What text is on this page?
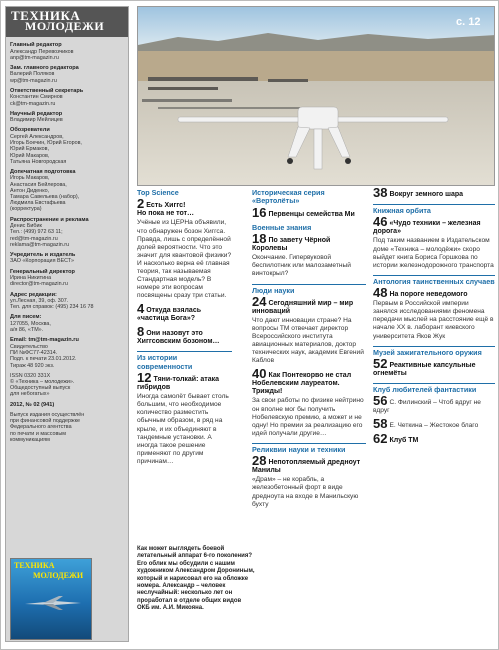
ТЕХНИКА
МОЛОДЕЖИ
Главный редактор
Александр Перевозчиков
anp@tm-magazin.ru
Зам. главного редактора
Валерий Поляков
wp@tm-magazin.ru
Ответственный секретарь
Константин Смирнов
ck@tm-magazin.ru
Научный редактор
Владимир Мейлицев
Обозреватели
Сергей Александров,
Игорь Боечин, Юрий Егоров,
Юрий Ермаков,
Юрий Макаров,
Татьяна Новгородская
Допечатная подготовка
Игорь Макаров,
Анастасия Бейлерова,
Антон Диденко,
Тамара Савельева (набор),
Людмила Евстафьева
(корректура)
Распространение и реклама
Денис Бибик
Тел.: (499) 972 63 11;
red@tm-magazin.ru
reklama@tm-magazin.ru
Учредитель и издатель
ЗАО «Корпорация ВЕСТ»
Генеральный директор
Ирина Никитина
director@tm-magazin.ru
Адрес редакции:
ул.Лесная, 39, оф. 307.
Тел. для справок: (495) 234 16 78
Для писем:
127055, Москва,
а/я 86, «ТМ».
Email: tm@tm-magazin.ru
Свидетельство
ПИ №ФС77-42314.
Подп. к печати 23.01.2012.
Тираж 48 920 экз.
ISSN 0320 331X
© «Техника – молодежи».
Общедоступный выпуск
для небогатых»
2012, № 02 (941)
Выпуск издания осуществлён
при финансовой поддержке
Федерального агентства
по печати и массовым
коммуникациям
ТЕХНИКА
МОЛОДЕЖИ
с. 12
Top Science
2 Есть Хиггс!
Но пока не тот…
Учёные из ЦЕРНа объявили, что обнаружен бозон Хиггса. Правда, лишь с определённой долей вероятности. Что это значит для квантовой физики? И насколько верна её главная теория, так называемая Стандартная модель? В номере эти вопросам посвящены сразу три статьи.
4 Откуда взялась «частица Бога»?
8 Они назовут это Хиггсовским бозоном…
Из истории современности
12 Тяни-толкай: атака гибридов
Иногда самолёт бывает столь большим, что необходимое количество разместить обычным образом, в ряд на крыле, и их объединяют в тандемные установки. А иногда такое решение применяют по другим причинам…
Как может выглядеть боевой летательный аппарат 6-го поколения? Его облик мы обсудили с нашим художником Александром Дорониным, который и нарисовал его на обложке номера. Александр – человек неслучайный: несколько лет он проработал в отделе общих видов ОКБ им. А.И. Микояна.
Историческая серия «Вертолёты»
16 Первенцы семейства Ми
Военные знания
18 По завету Чёрной Королевы
Окончание. Гипервуковой беспилотник или малозаметный винтокрыл?
Люди науки
24 Сегодняшний мир – мир инноваций
Что дают инновации стране? На вопросы ТМ отвечает директор Всероссийского института авиационных материалов, доктор технических наук, академик Евгений Каблов
40 Как Понтекорво не стал Нобелевским лауреатом. Трижды!
За свои работы по физике нейтрино он вполне мог бы получить Нобелевскую премию, а может и не одну! Но премии за реализацию его идей получали другие…
Реликвии науки и техники
28 Непотопляемый дредноут Манилы
«Драм» – не корабль, а железобетонный форт в виде дредноута на входе в Манильскую бухту
38 Вокруг земного шара
Книжная орбита
46 «Чудо техники – железная дорога»
Под таким названием в Издательском доме «Техника – молодёжи» скоро выйдет книга Бориса Горшкова по истории железнодорожного транспорта
Антология таинственных случаев
48 На пороге неведомого
Первым в Российской империи занялся исследованиями феномена передачи мыслей на расстояние ещё в начале XX в. лаборант киевского университета Яков Жук
Музей зажигательного оружия
52 Реактивные капсульные огнемёты
Клуб любителей фантастики
56 С. Филинский – Чтоб вдруг не вдруг
58 Е. Четкина – Жестокое благо
62 Клуб ТМ
